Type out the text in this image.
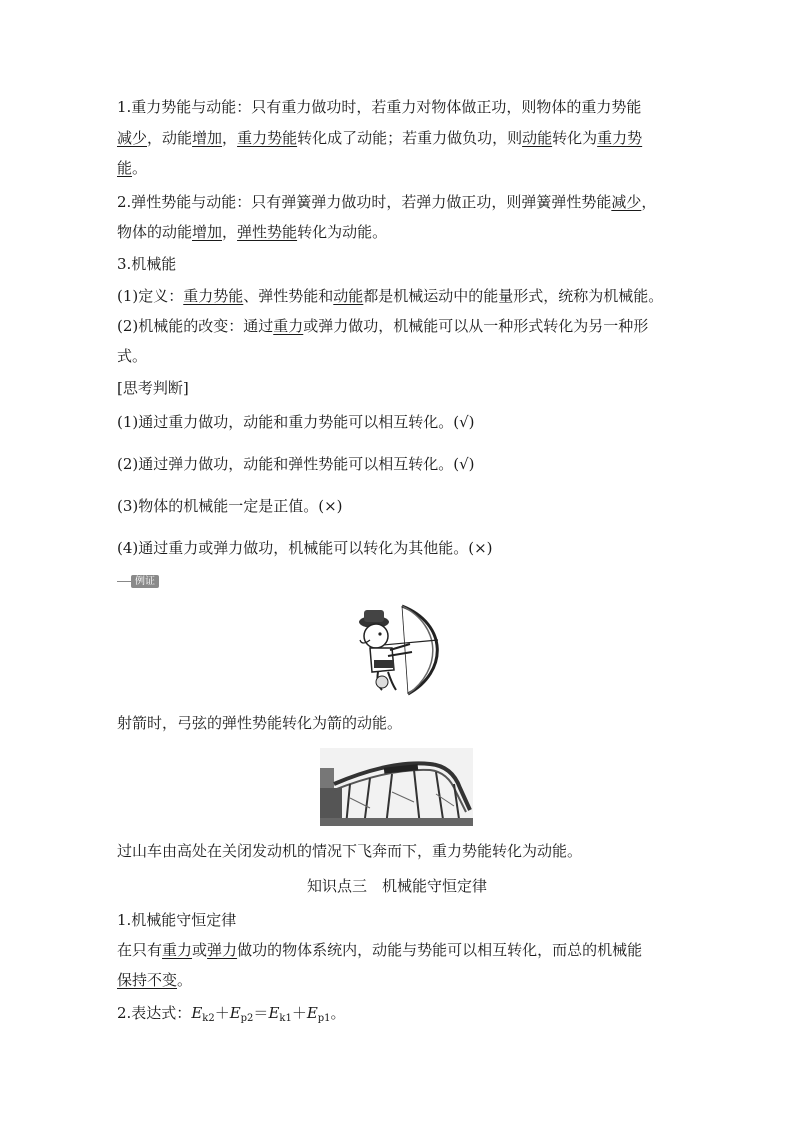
1.重力势能与动能：只有重力做功时，若重力对物体做正功，则物体的重力势能
减少，动能增加，重力势能转化成了动能；若重力做负功，则动能转化为重力势
能。
2.弹性势能与动能：只有弹簧弹力做功时，若弹力做正功，则弹簧弹性势能减少，
物体的动能增加，弹性势能转化为动能。
3.机械能
(1)定义：重力势能、弹性势能和动能都是机械运动中的能量形式，统称为机械能。
(2)机械能的改变：通过重力或弹力做功，机械能可以从一种形式转化为另一种形
式。
[思考判断]
(1)通过重力做功，动能和重力势能可以相互转化。(√)
(2)通过弹力做功，动能和弹性势能可以相互转化。(√)
(3)物体的机械能一定是正值。(×)
(4)通过重力或弹力做功，机械能可以转化为其他能。(×)
例证
射箭时，弓弦的弹性势能转化为箭的动能。
过山车由高处在关闭发动机的情况下飞奔而下，重力势能转化为动能。
知识点三　机械能守恒定律
1.机械能守恒定律
在只有重力或弹力做功的物体系统内，动能与势能可以相互转化，而总的机械能
保持不变。
2.表达式：$E_{k2}+E_{p2}=E_{k1}+E_{p1}$。
